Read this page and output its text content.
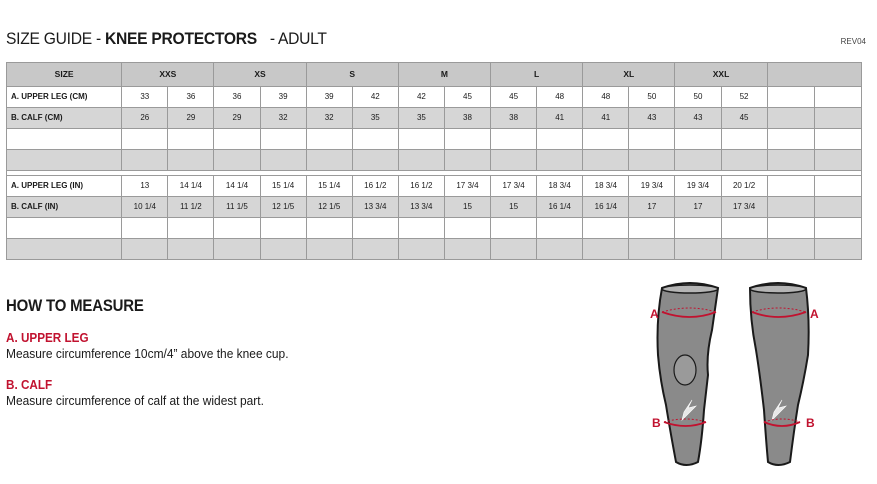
SIZE GUIDE - KNEE PROTECTORS - ADULT	REV04
SIZE	XXS		XS		S		M		L		XL		XXL			
A. UPPER LEG (CM)	33	36	36	39	39	42	42	45	45	48	48	50	50	52		
B. CALF (CM)	26	29	29	32	32	35	35	38	38	41	41	43	43	45		

A. UPPER LEG (IN)	13	14 1/4	14 1/4	15 1/4	15 1/4	16 1/2	16 1/2	17 3/4	17 3/4	18 3/4	18 3/4	19 3/4	19 3/4	20 1/2		
B. CALF (IN)	10 1/4	11 1/2	11 1/5	12 1/5	12 1/5	13 3/4	13 3/4	15	15	16 1/4	16 1/4	17	17	17 3/4		

HOW TO MEASURE
A. UPPER LEG
Measure circumference 10cm/4” above the knee cup.
B. CALF
Measure circumference of calf at the widest part.
A
B
A
B
